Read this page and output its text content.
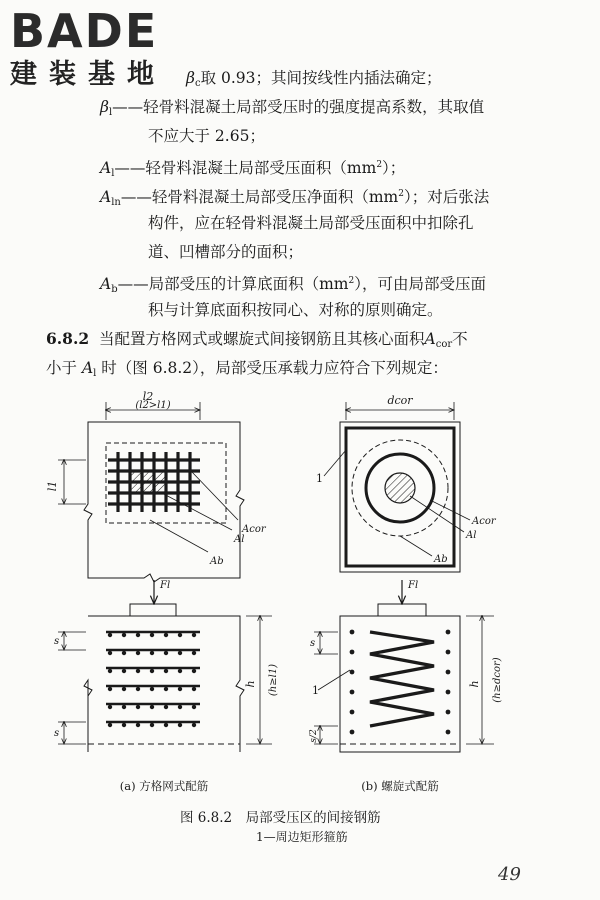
BADE
建装基地	$\beta_c$取 0.93；其间按线性内插法确定；
$\beta_l——$轻骨料混凝土局部受压时的强度提高系数，其取值
不应大于 2.65；
$A_l——$轻骨料混凝土局部受压面积$(mm^2)$；
$A_{ln}——$轻骨料混凝土局部受压净面积$(mm^2)$；对后张法
构件，应在轻骨料混凝土局部受压面积中扣除孔
道、凹槽部分的面积；
$A_b——$局部受压的计算底面积$(mm^2)$，可由局部受压面
积与计算底面积按同心、对称的原则确定。
6.8.2 当配置方格网式或螺旋式间接钢筋且其核心面积$A_{cor}$不
小于 $A_l$ 时（图 6.8.2），局部受压承载力应符合下列规定：
l2
(l2>l1)
l1
Acor
Al
Ab
dcor
1
Acor
Al
Ab
Fl
s
s
h (h≥l1)
Fl
s
1
s/2
h (h≥dcor)
(a) 方格网式配筋	(b) 螺旋式配筋
图 6.8.2　局部受压区的间接钢筋
1—周边矩形箍筋
49
